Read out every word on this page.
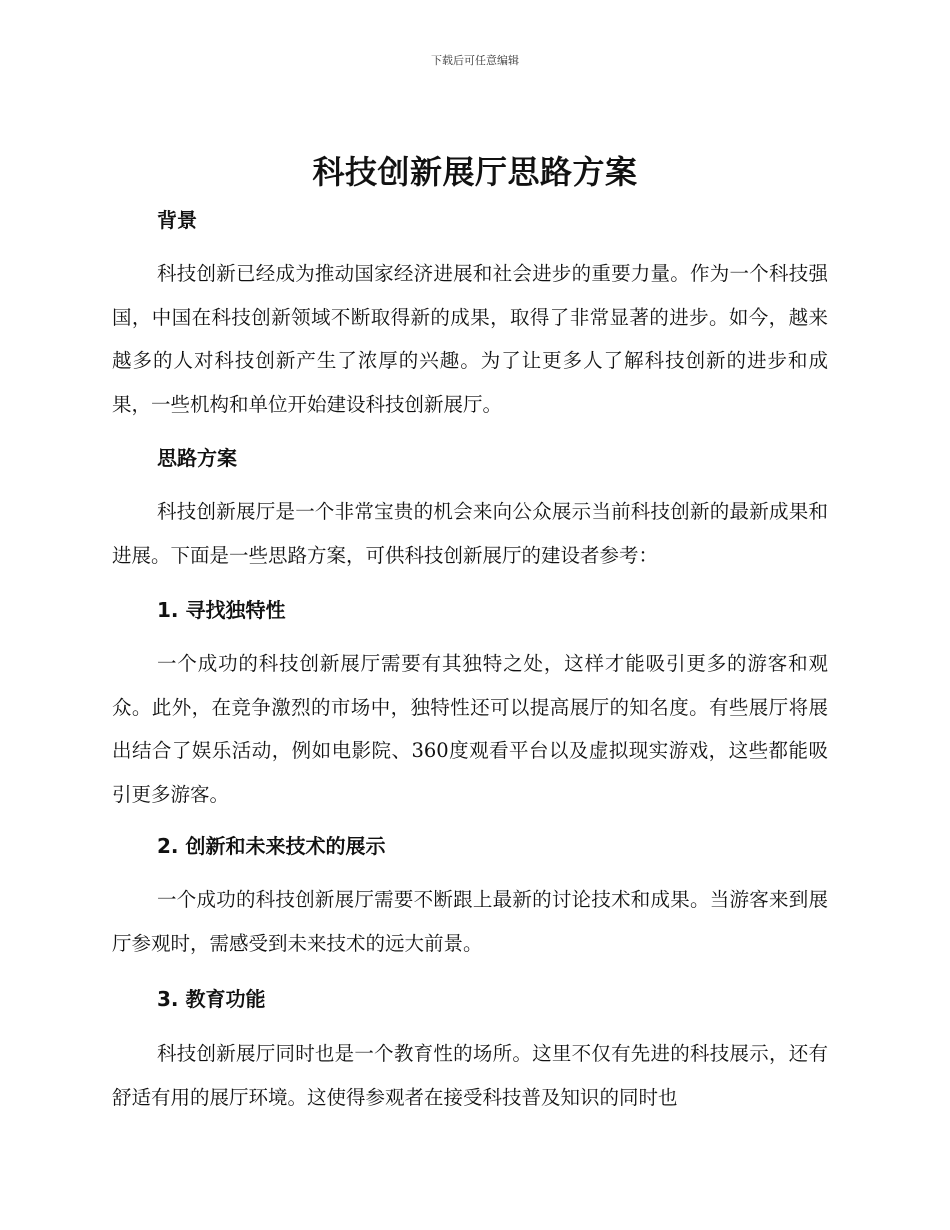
下载后可任意编辑
科技创新展厅思路方案
背景

科技创新已经成为推动国家经济进展和社会进步的重要力量。作为一个科技强国，中国在科技创新领域不断取得新的成果，取得了非常显著的进步。如今，越来越多的人对科技创新产生了浓厚的兴趣。为了让更多人了解科技创新的进步和成果，一些机构和单位开始建设科技创新展厅。

思路方案

科技创新展厅是一个非常宝贵的机会来向公众展示当前科技创新的最新成果和进展。下面是一些思路方案，可供科技创新展厅的建设者参考：

1. 寻找独特性

一个成功的科技创新展厅需要有其独特之处，这样才能吸引更多的游客和观众。此外，在竞争激烈的市场中，独特性还可以提高展厅的知名度。有些展厅将展出结合了娱乐活动，例如电影院、360度观看平台以及虚拟现实游戏，这些都能吸引更多游客。

2. 创新和未来技术的展示

一个成功的科技创新展厅需要不断跟上最新的讨论技术和成果。当游客来到展厅参观时，需感受到未来技术的远大前景。

3. 教育功能

科技创新展厅同时也是一个教育性的场所。这里不仅有先进的科技展示，还有舒适有用的展厅环境。这使得参观者在接受科技普及知识的同时也
